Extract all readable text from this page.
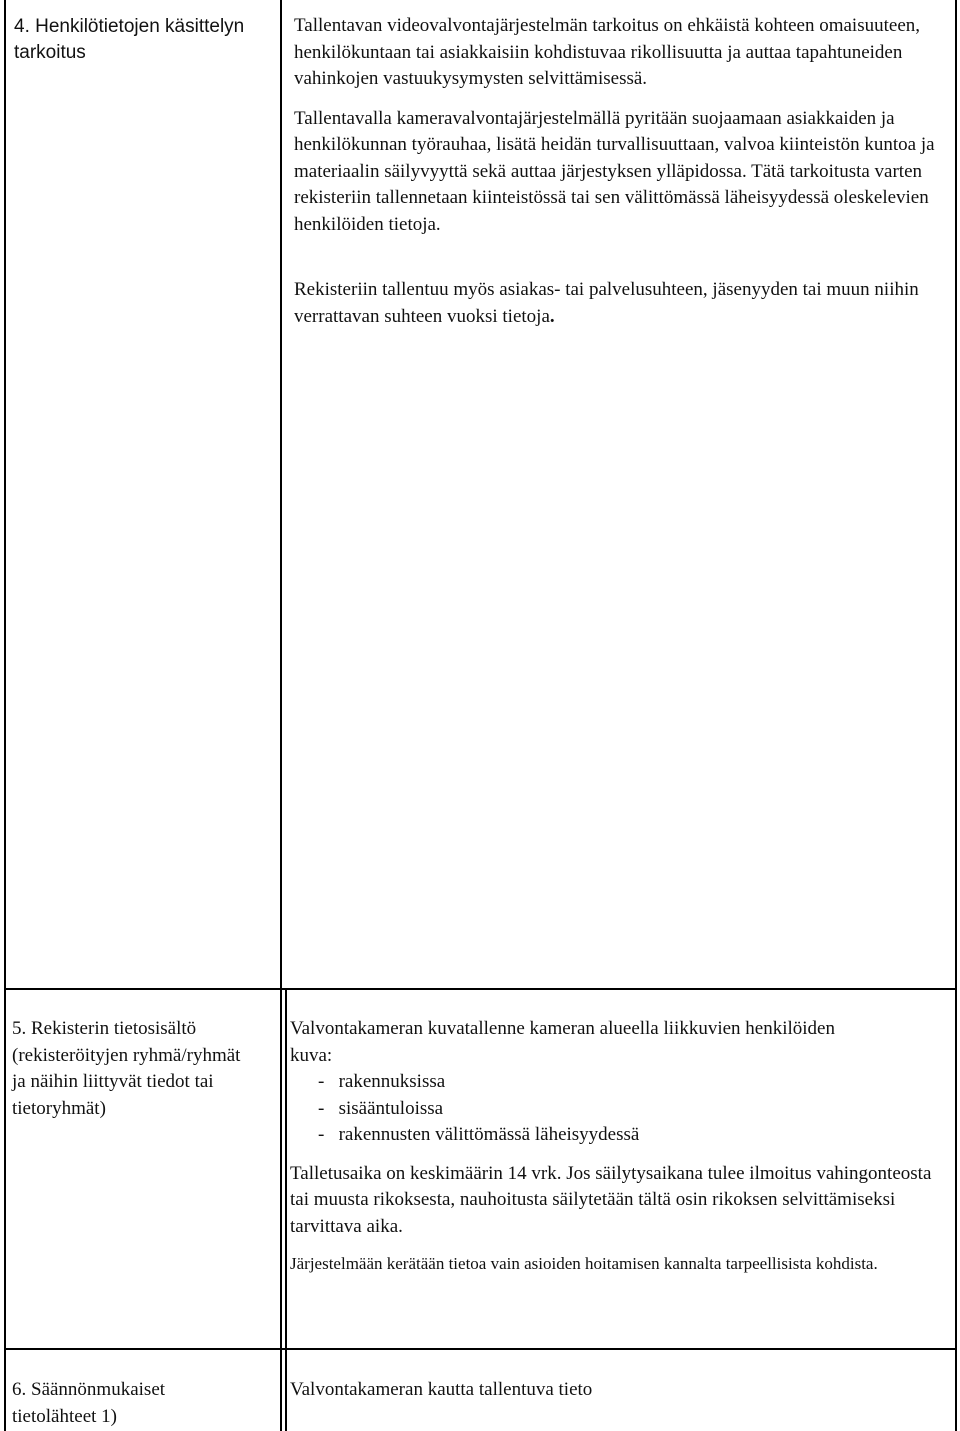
4. Henkilötietojen käsittelyn
tarkoitus

Tallentavan videovalvontajärjestelmän tarkoitus on ehkäistä kohteen omaisuuteen, henkilökuntaan tai asiakkaisiin kohdistuvaa rikollisuutta ja auttaa tapahtuneiden vahinkojen vastuukysymysten selvittämisessä.

Tallentavalla kameravalvontajärjestelmällä pyritään suojaamaan asiakkaiden ja henkilökunnan työrauhaa, lisätä heidän turvallisuuttaan, valvoa kiinteistön kuntoa ja materiaalin säilyvyyttä sekä auttaa järjestyksen ylläpidossa. Tätä tarkoitusta varten rekisteriin tallennetaan kiinteistössä tai sen välittömässä läheisyydessä oleskelevien henkilöiden tietoja.

Rekisteriin tallentuu myös asiakas- tai palvelusuhteen, jäsenyyden tai muun niihin verrattavan suhteen vuoksi tietoja.

5. Rekisterin tietosisältö
(rekisteröityjen ryhmä/ryhmät
ja näihin liittyvät tiedot tai
tietoryhmät)
Valvontakameran kuvatallenne kameran alueella liikkuvien henkilöiden
kuva:
-   rakennuksissa
-   sisääntuloissa
-   rakennusten välittömässä läheisyydessä

Talletusaika on keskimäärin 14 vrk. Jos säilytysaikana tulee ilmoitus vahingonteosta tai muusta rikoksesta, nauhoitusta säilytetään tältä osin rikoksen selvittämiseksi tarvittava aika.

Järjestelmään kerätään tietoa vain asioiden hoitamisen kannalta tarpeellisista kohdista.

6. Säännönmukaiset
tietolähteet 1)
Valvontakameran kautta tallentuva tieto
